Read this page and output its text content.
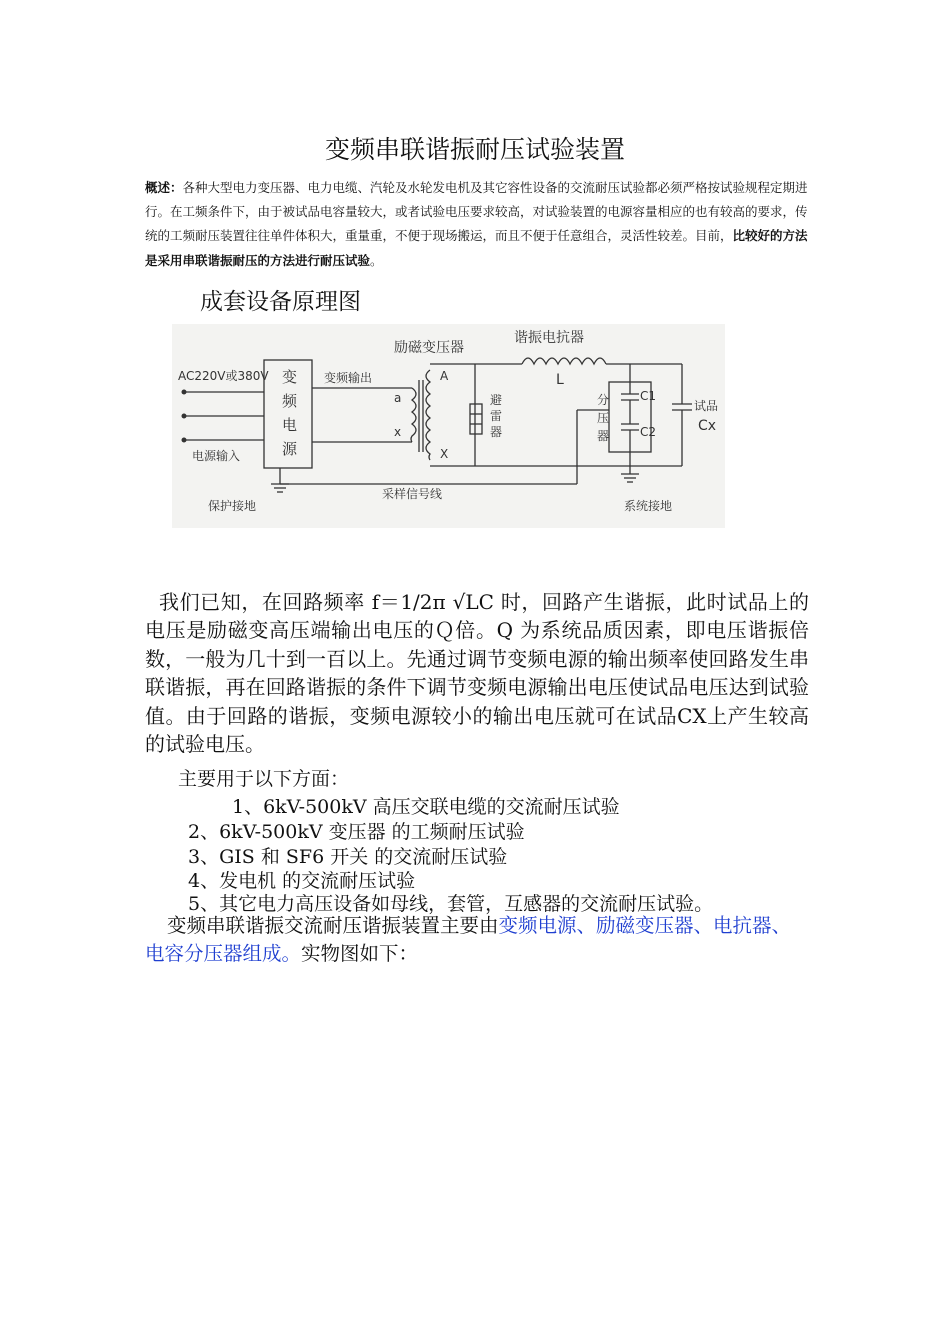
变频串联谐振耐压试验装置
概述：各种大型电力变压器、电力电缆、汽轮及水轮发电机及其它容性设备的交流耐压试验都必须严格按试验规程定期进行。在工频条件下，由于被试品电容量较大，或者试验电压要求较高，对试验装置的电源容量相应的也有较高的要求，传统的工频耐压装置往往单件体积大，重量重，不便于现场搬运，而且不便于任意组合，灵活性较差。目前，比较好的方法是采用串联谐振耐压的方法进行耐压试验。
成套设备原理图
AC220V或380V
电源输入
变
频
电
源
变频输出
保护接地
励磁变压器
a
x
A
X
避
雷
器
谐振电抗器
L
分
压
器
C1
C2
试品
Cx
采样信号线
系统接地
我们已知，在回路频率 f＝1/2π √LC 时，回路产生谐振，此时试品上的电压是励磁变高压端输出电压的Ｑ倍。Q 为系统品质因素，即电压谐振倍数，一般为几十到一百以上。先通过调节变频电源的输出频率使回路发生串联谐振，再在回路谐振的条件下调节变频电源输出电压使试品电压达到试验值。由于回路的谐振，变频电源较小的输出电压就可在试品CX上产生较高的试验电压。
主要用于以下方面：
1、6kV-500kV 高压交联电缆的交流耐压试验
2、6kV-500kV 变压器 的工频耐压试验
3、GIS 和 SF6 开关 的交流耐压试验
4、发电机 的交流耐压试验
5、其它电力高压设备如母线，套管，互感器的交流耐压试验。
变频串联谐振交流耐压谐振装置主要由变频电源、励磁变压器、电抗器、电容分压器组成。实物图如下：
